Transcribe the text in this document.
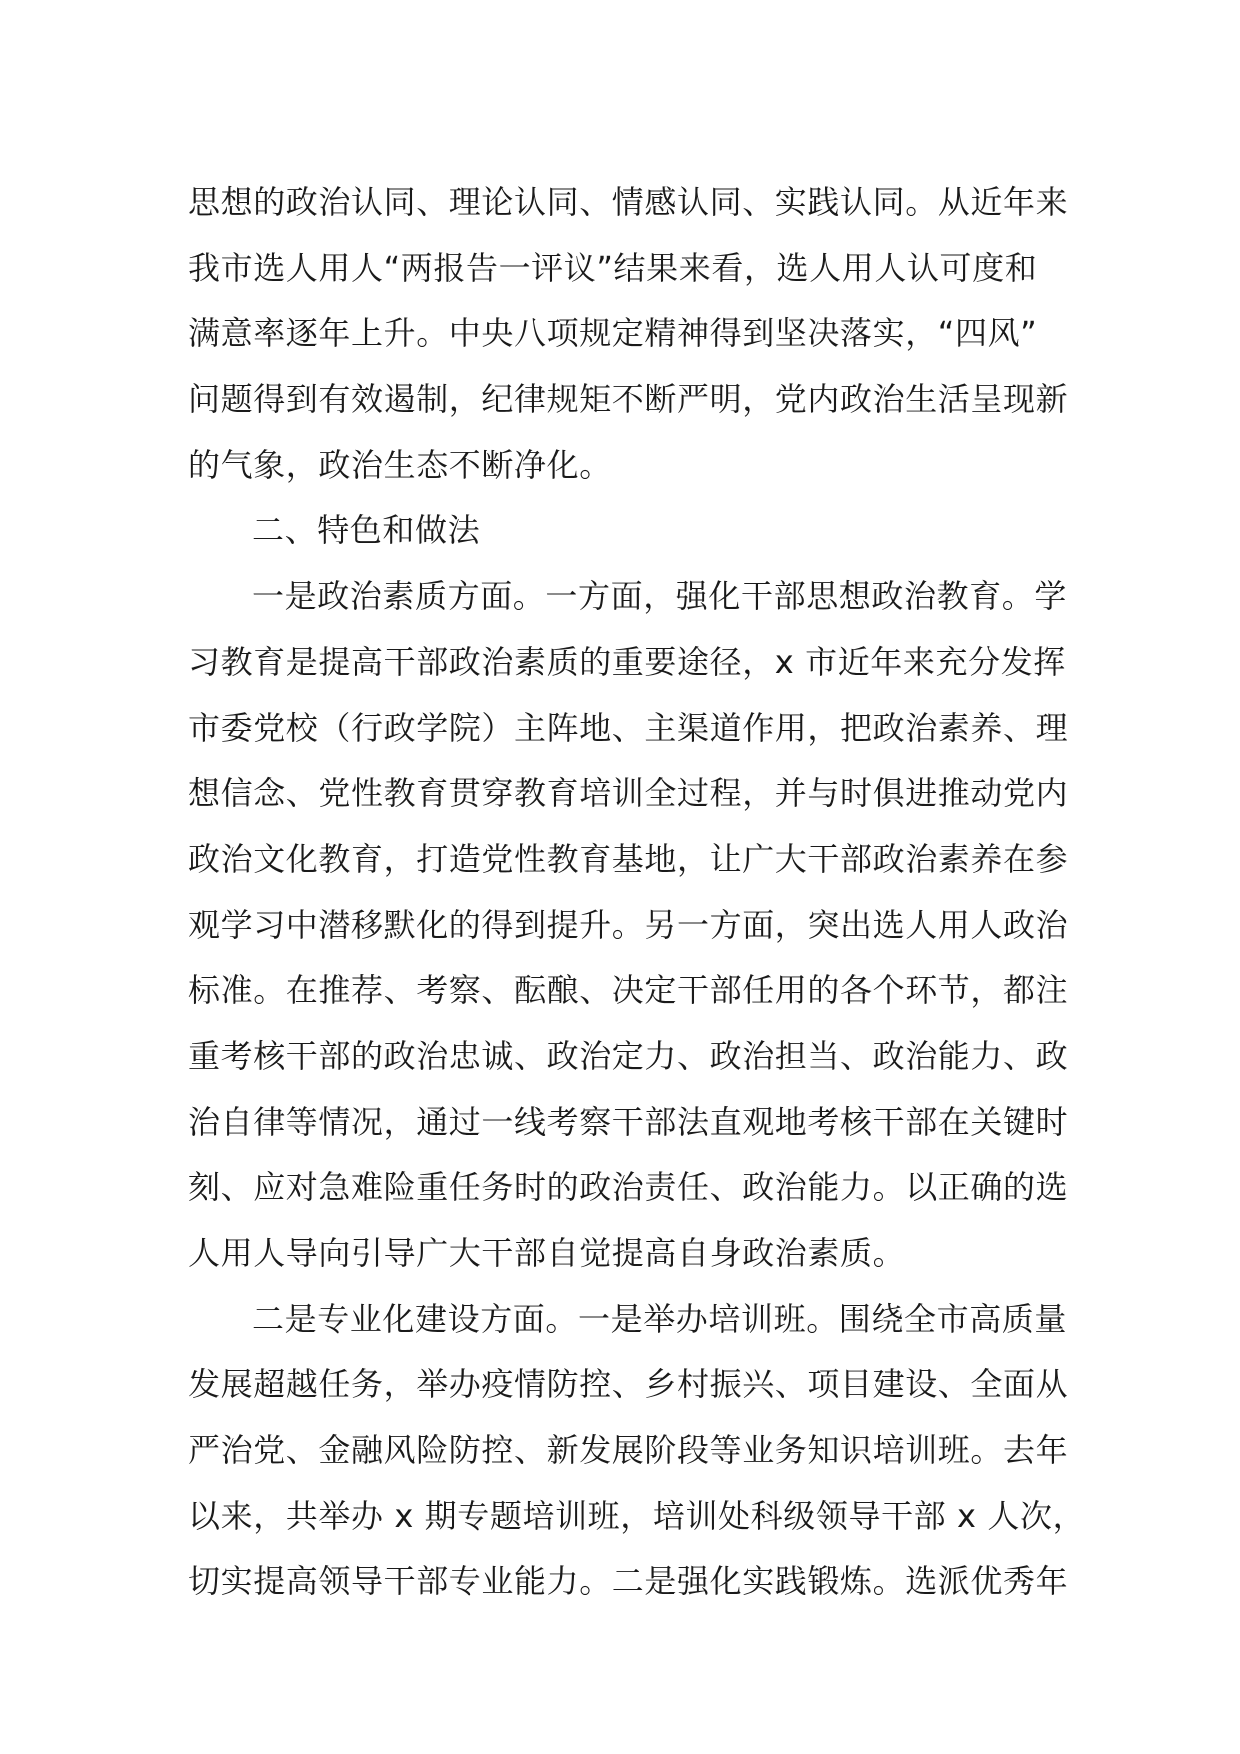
思想的政治认同、理论认同、情感认同、实践认同。从近年来
我市选人用人“两报告一评议”结果来看，选人用人认可度和
满意率逐年上升。中央八项规定精神得到坚决落实，“四风”
问题得到有效遏制，纪律规矩不断严明，党内政治生活呈现新
的气象，政治生态不断净化。
二、特色和做法
一是政治素质方面。一方面，强化干部思想政治教育。学
习教育是提高干部政治素质的重要途径，x 市近年来充分发挥
市委党校（行政学院）主阵地、主渠道作用，把政治素养、理
想信念、党性教育贯穿教育培训全过程，并与时俱进推动党内
政治文化教育，打造党性教育基地，让广大干部政治素养在参
观学习中潜移默化的得到提升。另一方面，突出选人用人政治
标准。在推荐、考察、酝酿、决定干部任用的各个环节，都注
重考核干部的政治忠诚、政治定力、政治担当、政治能力、政
治自律等情况，通过一线考察干部法直观地考核干部在关键时
刻、应对急难险重任务时的政治责任、政治能力。以正确的选
人用人导向引导广大干部自觉提高自身政治素质。
二是专业化建设方面。一是举办培训班。围绕全市高质量
发展超越任务，举办疫情防控、乡村振兴、项目建设、全面从
严治党、金融风险防控、新发展阶段等业务知识培训班。去年
以来，共举办 x 期专题培训班，培训处科级领导干部 x 人次，
切实提高领导干部专业能力。二是强化实践锻炼。选派优秀年
